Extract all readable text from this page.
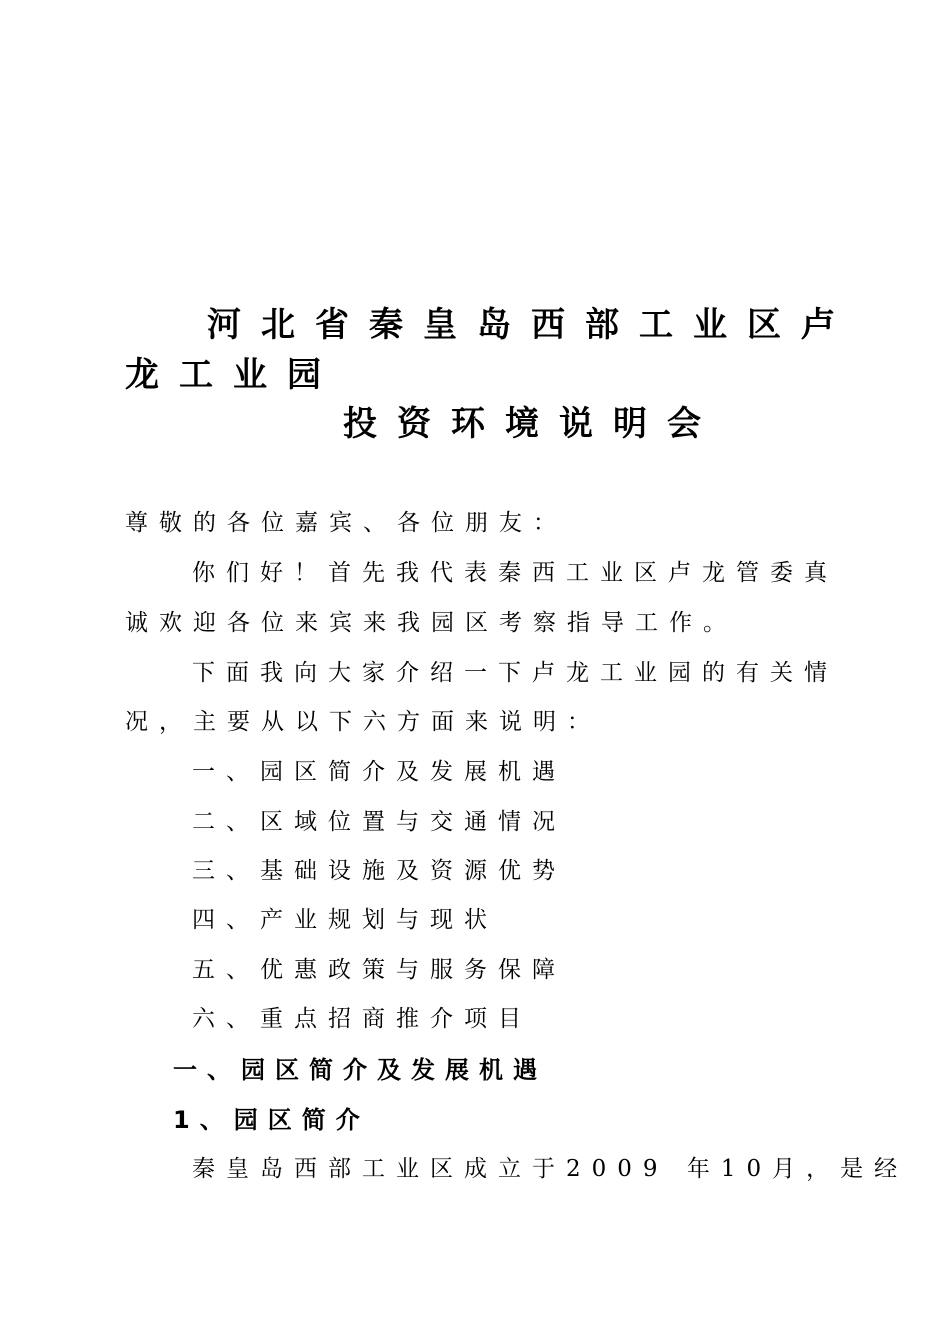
河北省秦皇岛西部工业区卢
龙工业园
投资环境说明会
尊敬的各位嘉宾、各位朋友：
你们好！首先我代表秦西工业区卢龙管委真
诚欢迎各位来宾来我园区考察指导工作。
下面我向大家介绍一下卢龙工业园的有关情
况，主要从以下六方面来说明：
一、园区简介及发展机遇
二、区域位置与交通情况
三、基础设施及资源优势
四、产业规划与现状
五、优惠政策与服务保障
六、重点招商推介项目
一、园区简介及发展机遇
1、园区简介
秦皇岛西部工业区成立于2009 年10月，是经
